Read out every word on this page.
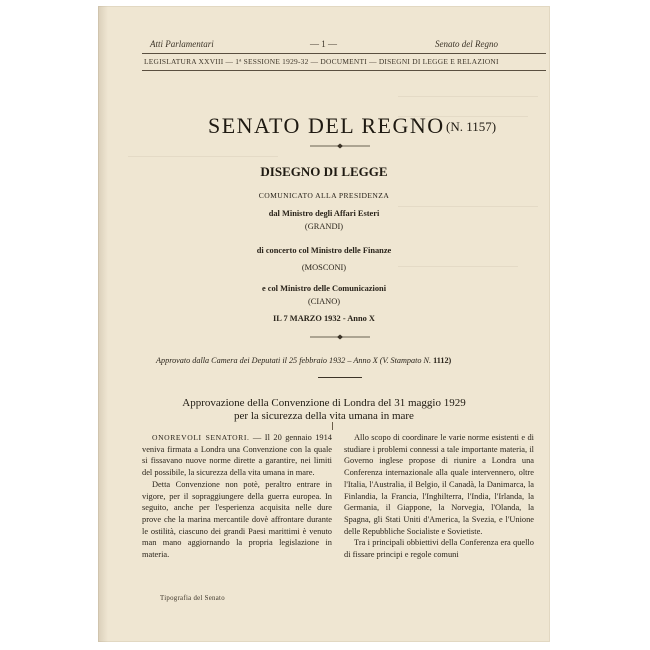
Atti Parlamentari	— 1 —	Senato del Regno
LEGISLATURA XXVIII — 1ª SESSIONE 1929-32 — DOCUMENTI — DISEGNI DI LEGGE E RELAZIONI
SENATO DEL REGNO (N. 1157)
DISEGNO DI LEGGE
COMUNICATO ALLA PRESIDENZA
dal Ministro degli Affari Esteri
(GRANDI)
di concerto col Ministro delle Finanze
(MOSCONI)
e col Ministro delle Comunicazioni
(CIANO)
IL 7 MARZO 1932 - Anno X
Approvato dalla Camera dei Deputati il 25 febbraio 1932 – Anno X (V. Stampato N. 1112)
Approvazione della Convenzione di Londra del 31 maggio 1929
per la sicurezza della vita umana in mare

ONOREVOLI SENATORI. — Il 20 gennaio 1914 veniva firmata a Londra una Convenzione con la quale si fissavano nuove norme dirette a garantire, nei limiti del possibile, la sicurezza della vita umana in mare.

Detta Convenzione non potè, peraltro entrare in vigore, per il sopraggiungere della guerra europea. In seguito, anche per l'esperienza acquisita nelle dure prove che la marina mercantile dovè affrontare durante le ostilità, ciascuno dei grandi Paesi marittimi è venuto man mano aggiornando la propria legislazione in materia.

Allo scopo di coordinare le varie norme esistenti e di studiare i problemi connessi a tale importante materia, il Governo inglese propose di riunire a Londra una Conferenza internazionale alla quale intervennero, oltre l'Italia, l'Australia, il Belgio, il Canadà, la Danimarca, la Finlandia, la Francia, l'Inghilterra, l'India, l'Irlanda, la Germania, il Giappone, la Norvegia, l'Olanda, la Spagna, gli Stati Uniti d'America, la Svezia, e l'Unione delle Repubbliche Socialiste e Sovietiste.

Tra i principali obbiettivi della Conferenza era quello di fissare principi e regole comuni

Tipografia del Senato
